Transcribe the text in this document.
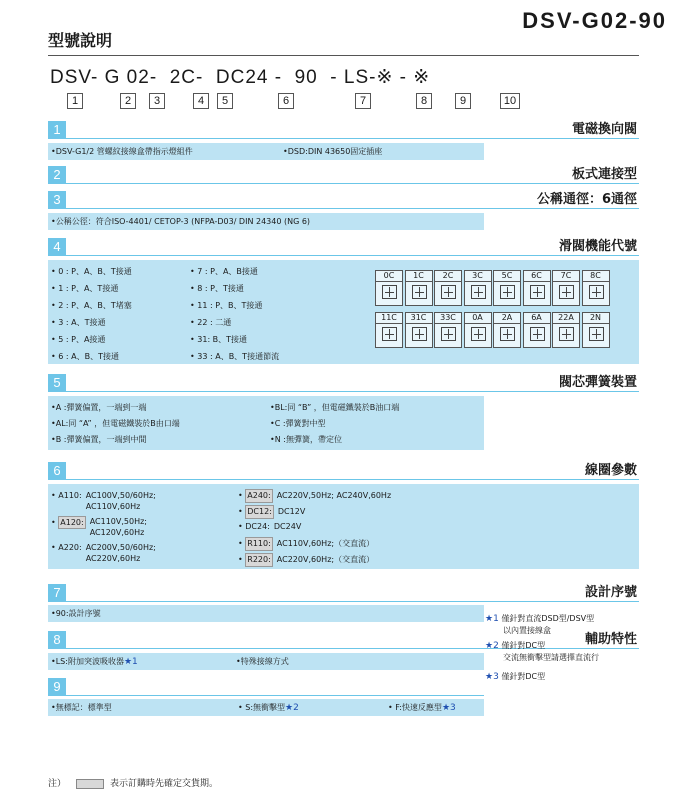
DSV-G02-90
型號說明
DSV- G 02-  2C-  DC24 -  90  - LS-※ - ※
1	2	3	4	5	6	7	8	9	10
1	電磁換向閥
•DSV-G1/2 管螺紋接線盒帶指示燈組件	•DSD:DIN 43650固定插座
2	板式連接型
3	公稱通徑：6通徑
•公稱公徑：符合ISO-4401/ CETOP-3 (NFPA-D03/ DIN 24340 (NG 6)
4	滑閥機能代號
• 0 : P、A、B、T接通
• 1 : P、A、T接通
• 2 : P、A、B、T堵塞
• 3 : A、T接通
• 5 : P、A接通
• 6 : A、B、T接通
• 7 : P、A、B接通
• 8 : P、T接通
• 11 : P、B、T接通
• 22 : 二通
• 31: B、T接通
• 33 : A、B、T接通節流
0C	1C	2C	3C	5C	6C	7C	8C
11C	31C	33C	0A	2A	6A	22A	2N
5	閥芯彈簧裝置
•A :彈簧偏置，一端到一端
•AL:同 “A” ，但電磁鐵裝於B由口端
•B :彈簧偏置，一端到中間
•BL:同 “B” ，但電磁鐵裝於B油口端
•C :彈簧對中型
•N :無彈簧，帶定位
6	線圈參數
• A110: AC100V,50/60Hz;
AC110V,60Hz
• A120: AC110V,50Hz;
AC120V,60Hz
• A220: AC200V,50/60Hz;
AC220V,60Hz
• A240: AC220V,50Hz; AC240V,60Hz
• DC12: DC12V
• DC24: DC24V
• R110: AC110V,60Hz;（交直流）
• R220: AC220V,60Hz;（交直流）
7	設計序號
•90:設計序號
8	輔助特性
•LS:附加突波吸收器★1	•特殊接線方式
9
•無標記：標準型	• S:無衝擊型★2	• F:快速反應型★3
★1 僅針對直流DSD型/DSV型
以內置接線盒
★2 僅針對DC型
交流無衝擊型請選擇直流行
★3 僅針對DC型
注）	表示訂購時先確定交貨期。
